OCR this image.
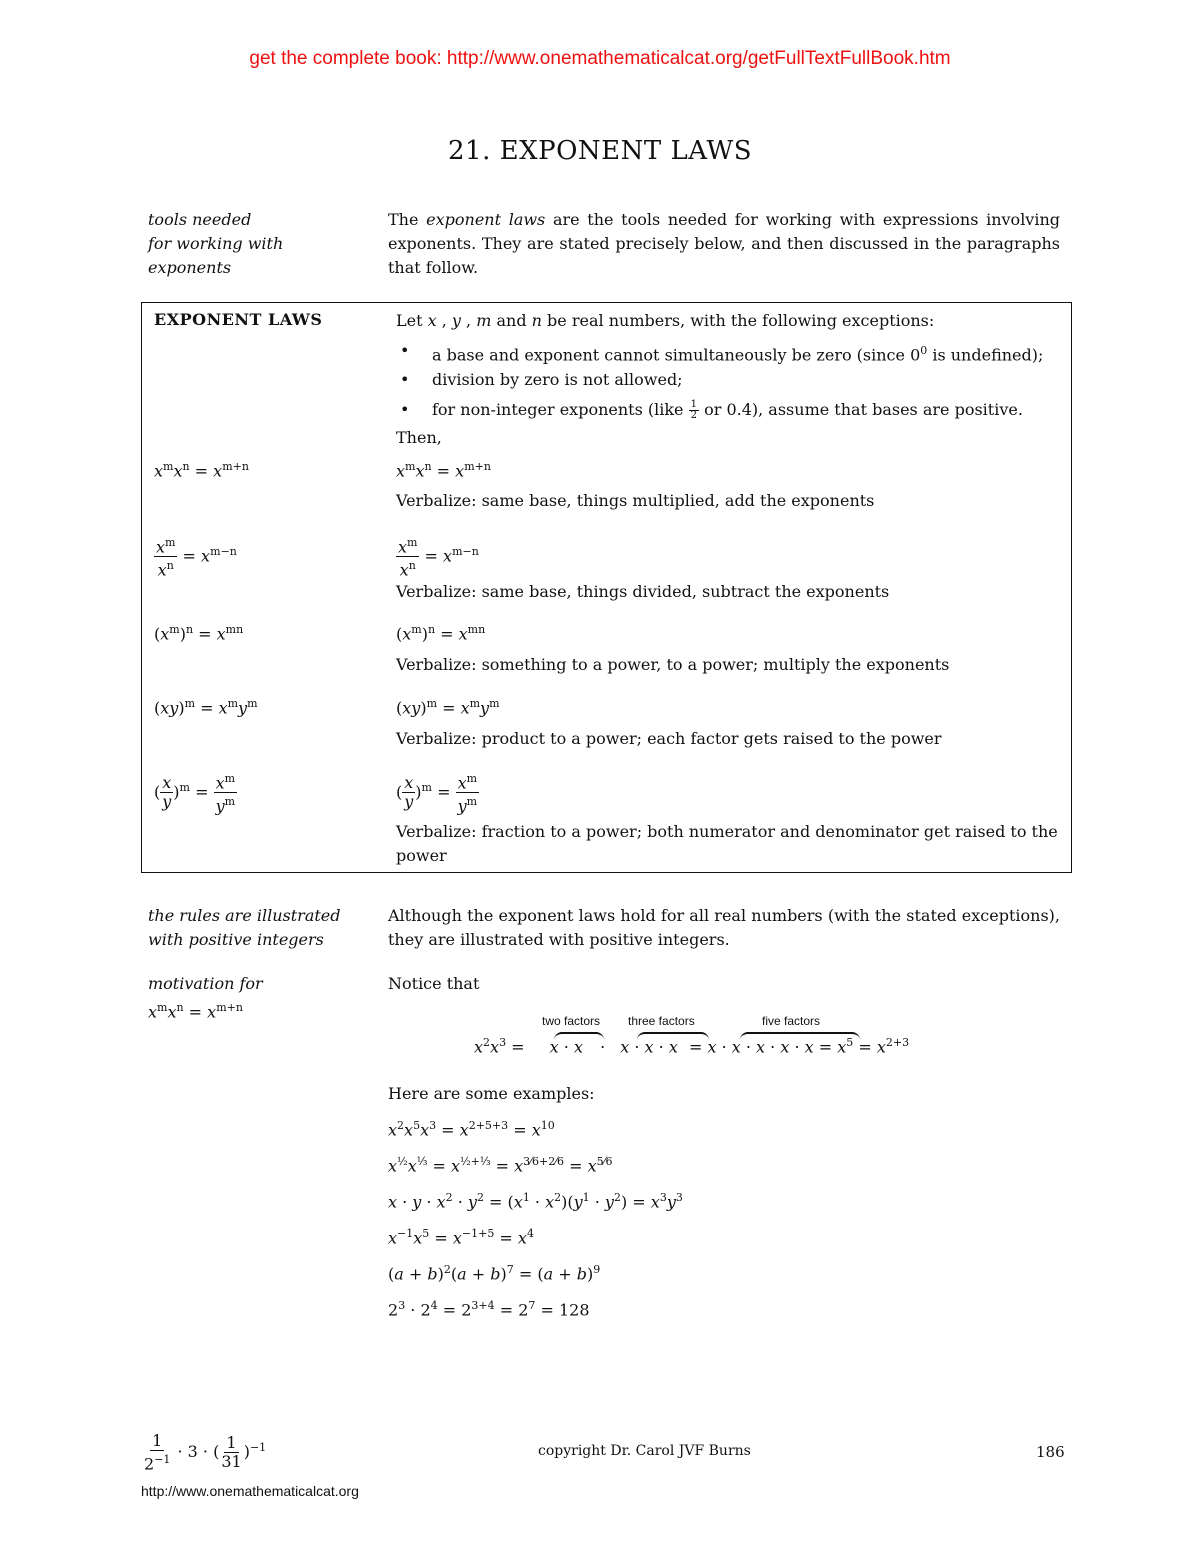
get the complete book: http://www.onemathematicalcat.org/getFullTextFullBook.htm
21. EXPONENT LAWS
tools needed
for working with
exponents
The exponent laws are the tools needed for working with expressions involving exponents. They are stated precisely below, and then discussed in the paragraphs that follow.
EXPONENT LAWS	Let x , y , m and n be real numbers, with the following exceptions:
• a base and exponent cannot simultaneously be zero (since $0^0$ is undefined);
• division by zero is not allowed;
• for non-integer exponents (like $\frac{1}{2}$ or 0.4), assume that bases are positive.
Then,
$x^mx^n = x^{m+n}$	$x^mx^n = x^{m+n}$
Verbalize: same base, things multiplied, add the exponents
$\frac{x^m}{x^n} = x^{m-n}$	$\frac{x^m}{x^n} = x^{m-n}$
Verbalize: same base, things divided, subtract the exponents
$(x^m)^n = x^{mn}$	$(x^m)^n = x^{mn}$
Verbalize: something to a power, to a power; multiply the exponents
$(xy)^m = x^my^m$	$(xy)^m = x^my^m$
Verbalize: product to a power; each factor gets raised to the power
( $\frac{x}{y} )^m = \frac{x^m}{y^m}$	( $\frac{x}{y} )^m = \frac{x^m}{y^m}$
Verbalize: fraction to a power; both numerator and denominator get raised to the power
the rules are illustrated
with positive integers
Although the exponent laws hold for all real numbers (with the stated exceptions), they are illustrated with positive integers.
motivation for
$x^mx^n = x^{m+n}$
Notice that
two factors three factors	five factors
$x^2x^3 = x \cdot x \cdot x \cdot x \cdot x = x \cdot x \cdot x \cdot x \cdot x = x^5 = x^{2+3}$
Here are some examples:
$x^2x^5x^3 = x^{2+5+3} = x^{10}$
$x^{\frac{1}{2}}x^{\frac{1}{3}} = x^{\frac{1}{2}+\frac{1}{3}} = x^{3⁄6+2⁄6} = x^{5⁄6}$
$x \cdot y \cdot x^2 \cdot y^2 = (x^1 \cdot x^2)(y^1 \cdot y^2) = x^3y^3$
$x^{-1}x^5 = x^{-1+5} = x^4$
$(a + b)^2(a + b)^7 = (a + b)^9$
$2^3 \cdot 2^4 = 2^{3+4} = 2^7 = 128$
$\frac{1}{2^{-1}} \cdot 3$ · ( $\frac{1}{31} )^{-1}$	copyright Dr. Carol JVF Burns	186
http://www.onemathematicalcat.org
